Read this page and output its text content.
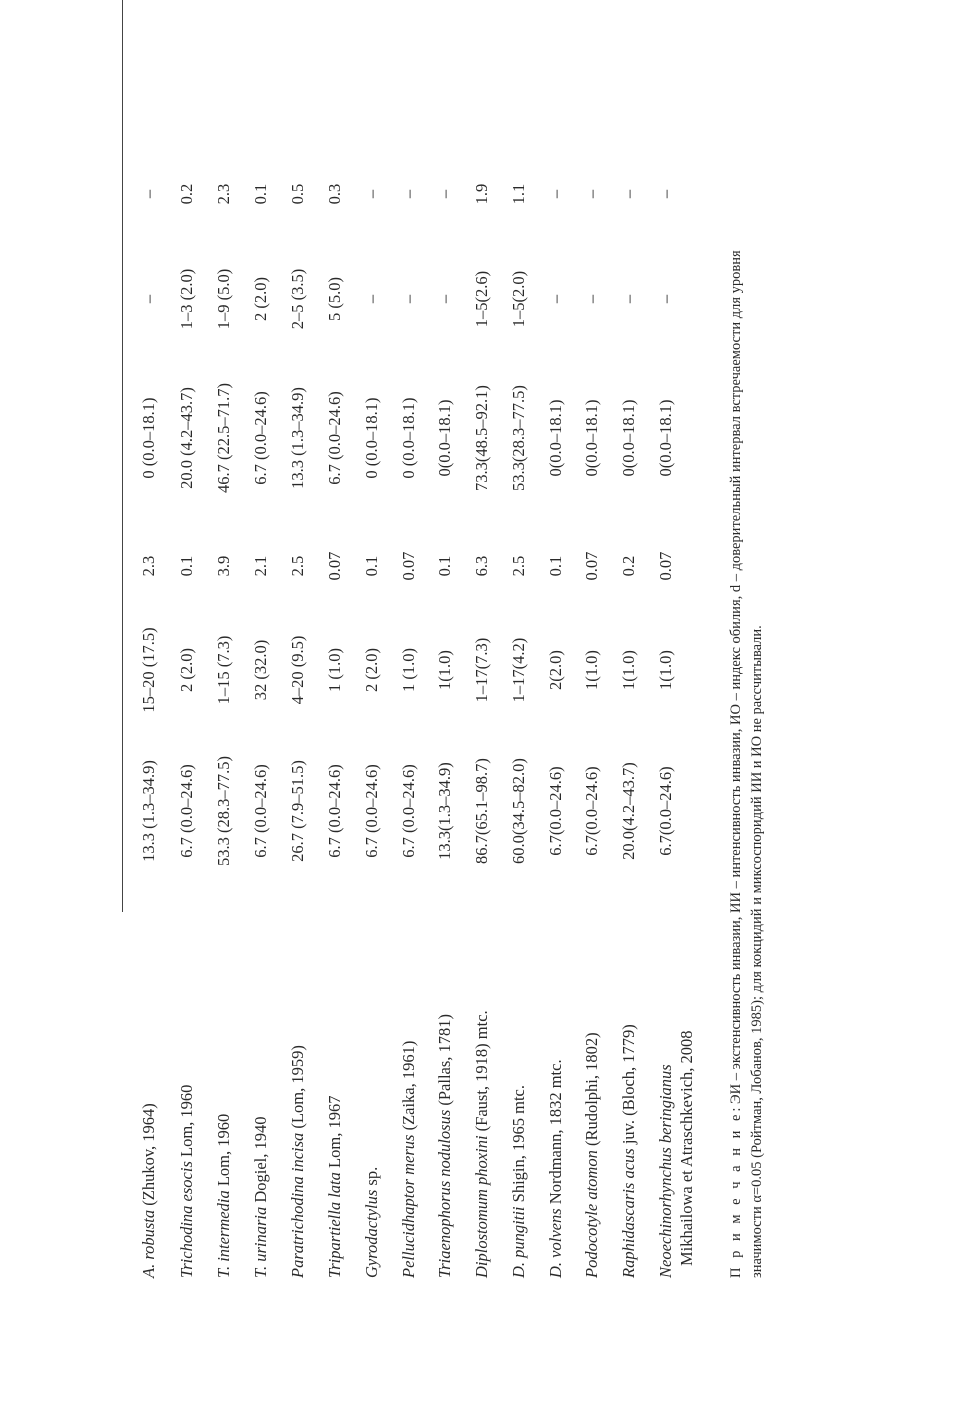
A. robusta (Zhukov, 1964)
13.3 (1.3–34.9)
15–20 (17.5)
2.3
0 (0.0–18.1)
–
–
Trichodina esocis Lom, 1960
6.7 (0.0–24.6)
2 (2.0)
0.1
20.0 (4.2–43.7)
1–3 (2.0)
0.2
T. intermedia Lom, 1960
53.3 (28.3–77.5)
1–15 (7.3)
3.9
46.7 (22.5–71.7)
1–9 (5.0)
2.3
T. urinaria Dogiel, 1940
6.7 (0.0–24.6)
32 (32.0)
2.1
6.7 (0.0–24.6)
2 (2.0)
0.1
Paratrichodina incisa (Lom, 1959)
26.7 (7.9–51.5)
4–20 (9.5)
2.5
13.3 (1.3–34.9)
2–5 (3.5)
0.5
Tripartiella lata Lom, 1967
6.7 (0.0–24.6)
1 (1.0)
0.07
6.7 (0.0–24.6)
5 (5.0)
0.3
Gyrodactylus sp.
6.7 (0.0–24.6)
2 (2.0)
0.1
0 (0.0–18.1)
–
–
Pellucidhaptor merus (Zaika, 1961)
6.7 (0.0–24.6)
1 (1.0)
0.07
0 (0.0–18.1)
–
–
Triaenophorus nodulosus (Pallas, 1781)
13.3(1.3–34.9)
1(1.0)
0.1
0(0.0–18.1)
–
–
Diplostomum phoxini (Faust, 1918) mtc.
86.7(65.1–98.7)
1–17(7.3)
6.3
73.3(48.5–92.1)
1–5(2.6)
1.9
D. pungitii Shigin, 1965 mtc.
60.0(34.5–82.0)
1–17(4.2)
2.5
53.3(28.3–77.5)
1–5(2.0)
1.1
D. volvens Nordmann, 1832 mtc.
6.7(0.0–24.6)
2(2.0)
0.1
0(0.0–18.1)
–
–
Podocotyle atomon (Rudolphi, 1802)
6.7(0.0–24.6)
1(1.0)
0.07
0(0.0–18.1)
–
–
Raphidascaris acus juv. (Bloch, 1779)
20.0(4.2–43.7)
1(1.0)
0.2
0(0.0–18.1)
–
–
Neoechinorhynchus beringianus
6.7(0.0–24.6)
1(1.0)
0.07
0(0.0–18.1)
–
–
Mikhailowa et Atraschkevich, 2008 П р и м е ч а н и е: ЭИ – экстенсивность инвазии, ИИ – интенсивность инвазии, ИО – индекс обилия, d – доверительный интервал встречаемости для уровня значимости α=0.05 (Ройтман, Лобанов, 1985); для кокцидий и миксоспоридий ИИ и ИО не рассчитывали.
